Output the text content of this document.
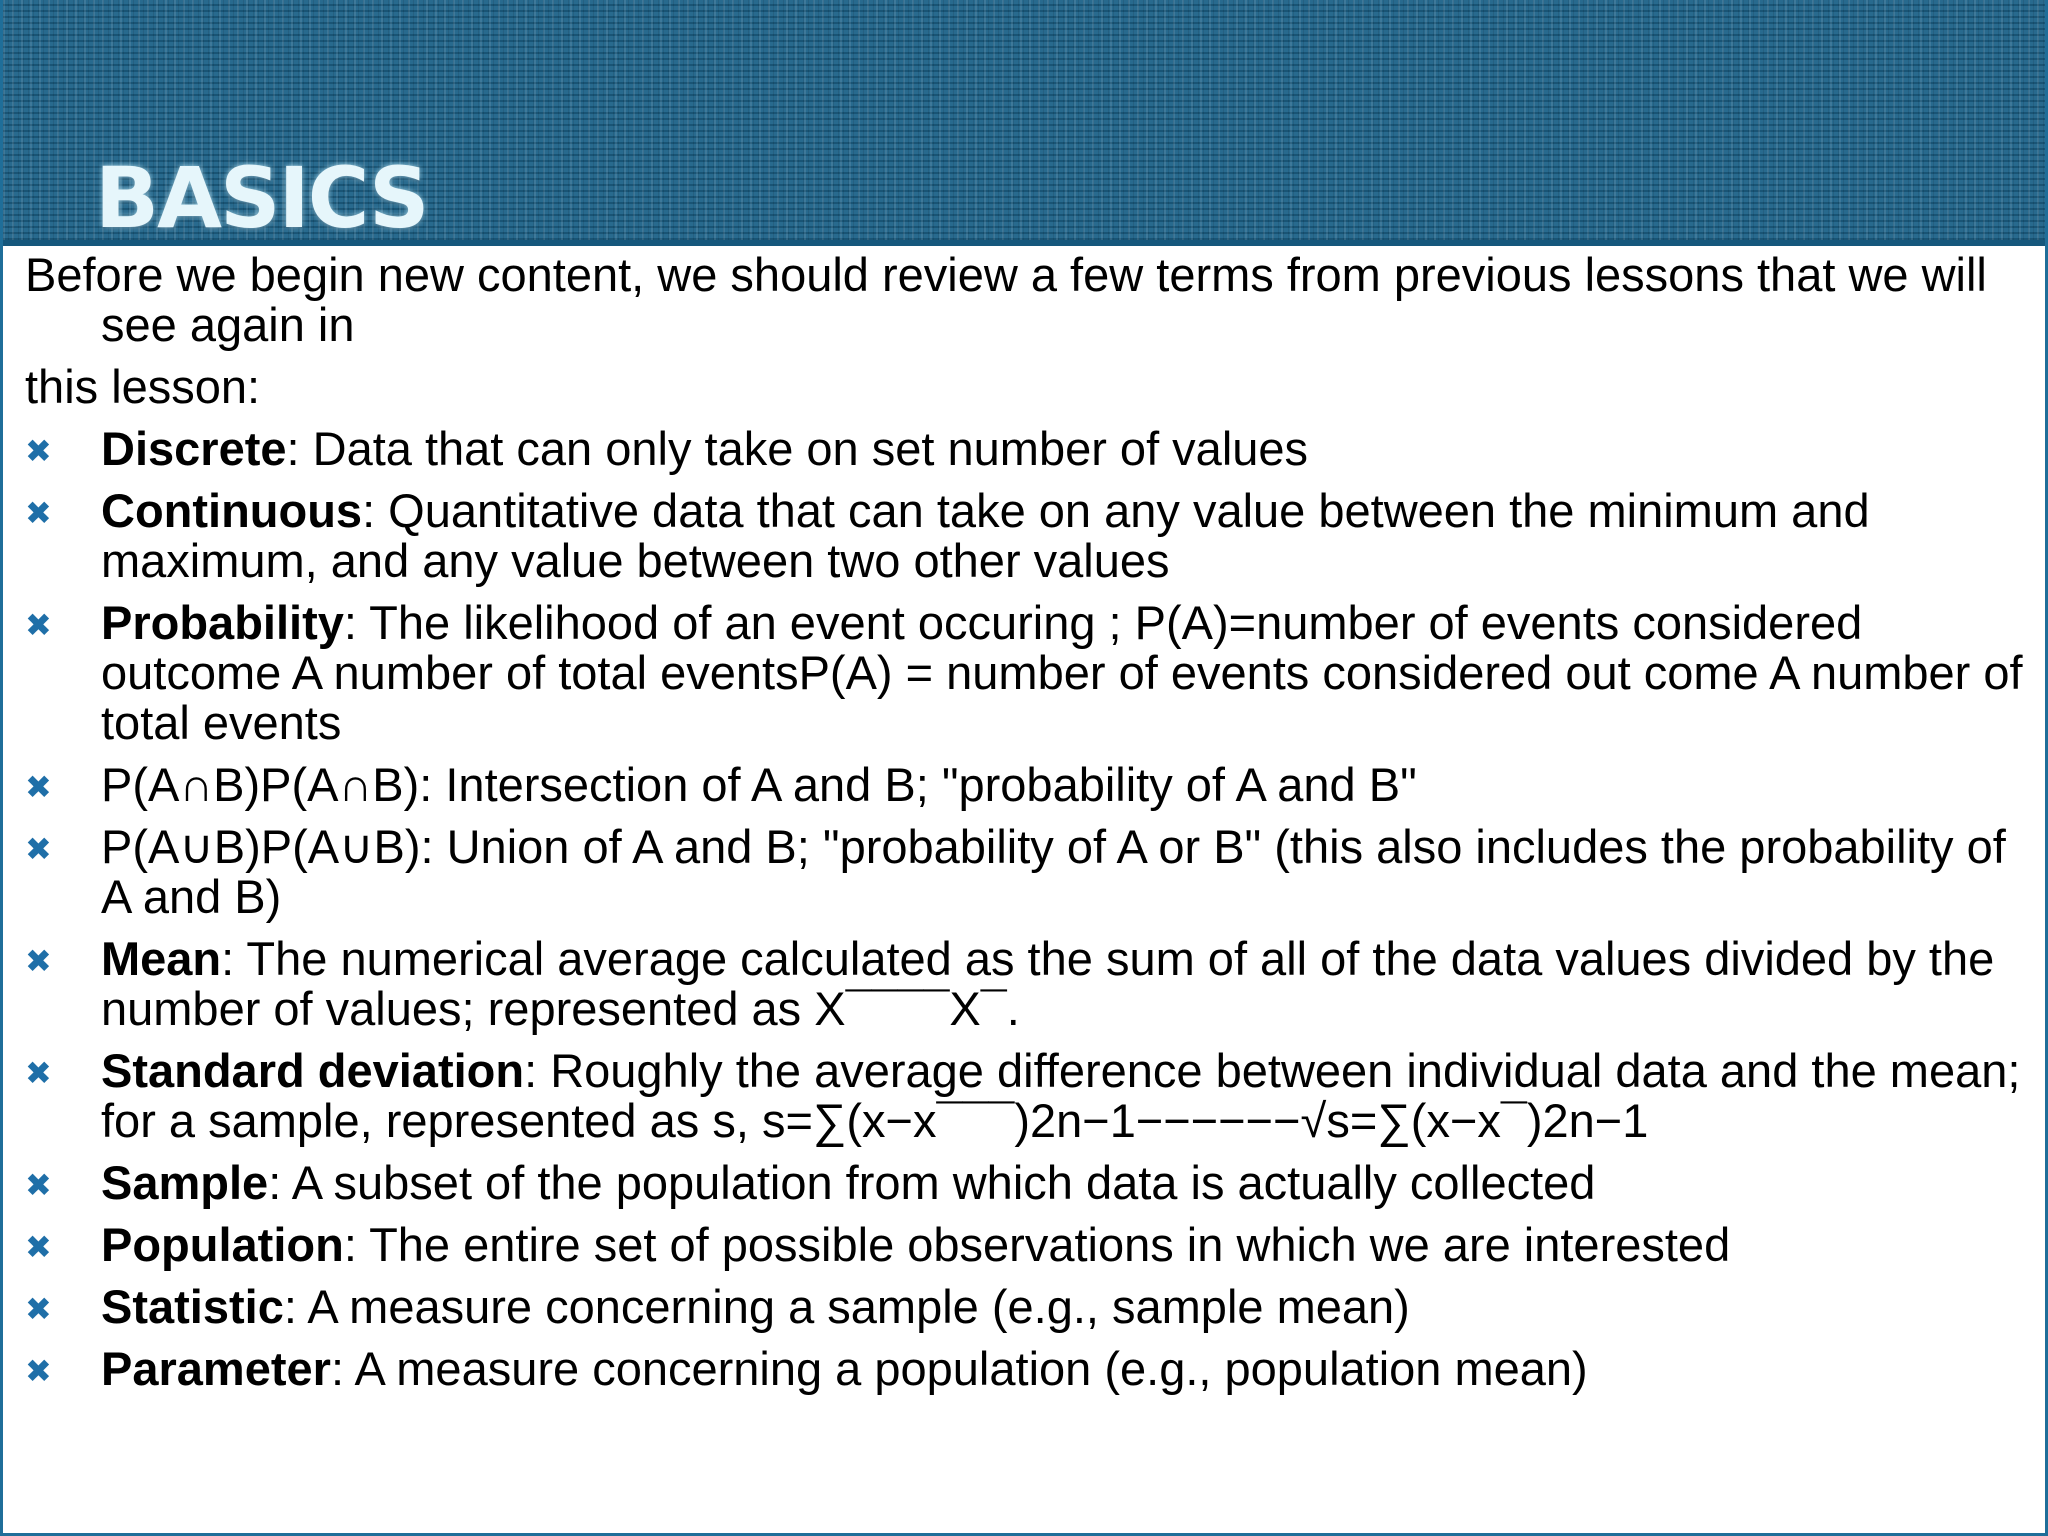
BASICS

Before we begin new content, we should review a few terms from previous lessons that we will see again in

this lesson:

✖ Discrete: Data that can only take on set number of values
✖ Continuous: Quantitative data that can take on any value between the minimum and maximum, and any value between two other values
✖ Probability: The likelihood of an event occuring ; P(A)=number of events considered outcome A number of total eventsP(A) = number of events considered out come A number of total events
✖ P(A∩B)P(A∩B): Intersection of A and B; "probability of A and B"
✖ P(A∪B)P(A∪B): Union of A and B; "probability of A or B" (this also includes the probability of A and B)
✖ Mean: The numerical average calculated as the sum of all of the data values divided by the number of values; represented as X¯¯¯¯X¯.
✖ Standard deviation: Roughly the average difference between individual data and the mean; for a sample, represented as s, s=∑(x−x¯¯¯)2n−1−−−−−−√s=∑(x−x¯)2n−1
✖ Sample: A subset of the population from which data is actually collected
✖ Population: The entire set of possible observations in which we are interested
✖ Statistic: A measure concerning a sample (e.g., sample mean)
✖ Parameter: A measure concerning a population (e.g., population mean)
